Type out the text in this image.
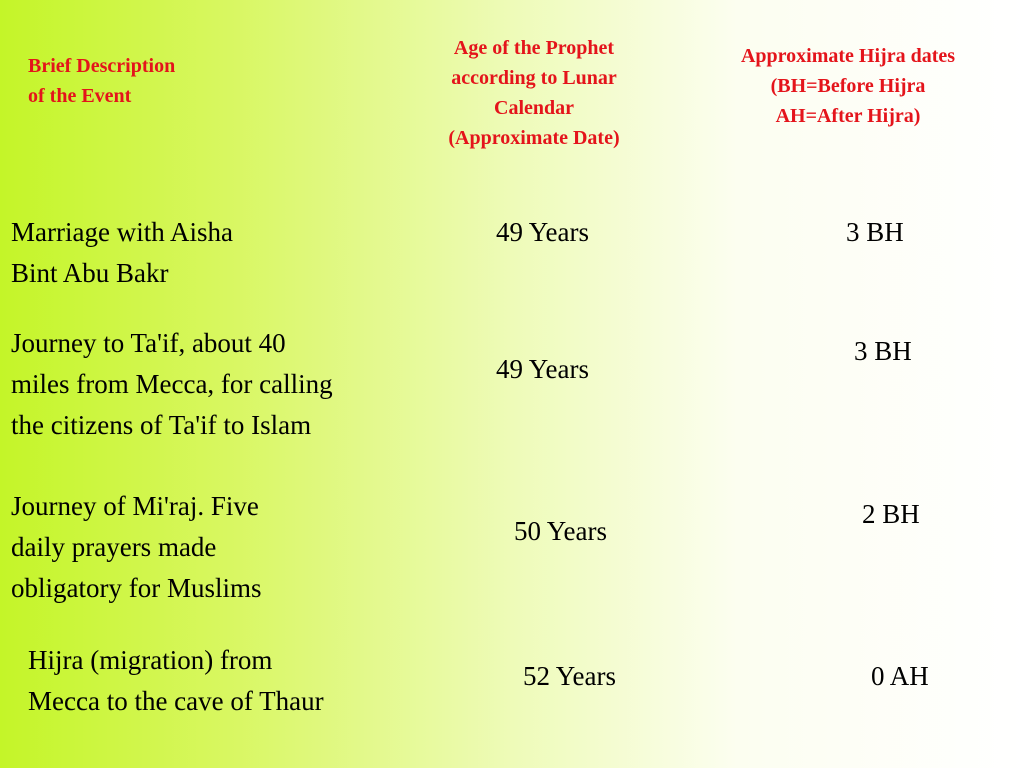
Brief Description
of the Event
Age of the Prophet
according to Lunar
Calendar
(Approximate Date)
Approximate Hijra dates
(BH=Before Hijra
AH=After Hijra)
Marriage with Aisha
Bint Abu Bakr
49 Years	3 BH
Journey to Ta'if, about 40
miles from Mecca, for calling
the citizens of Ta'if to Islam
49 Years
3 BH
Journey of Mi'raj. Five
daily prayers made
obligatory for Muslims
50 Years
2 BH
Hijra (migration) from
Mecca to the cave of Thaur
52 Years	0 AH
